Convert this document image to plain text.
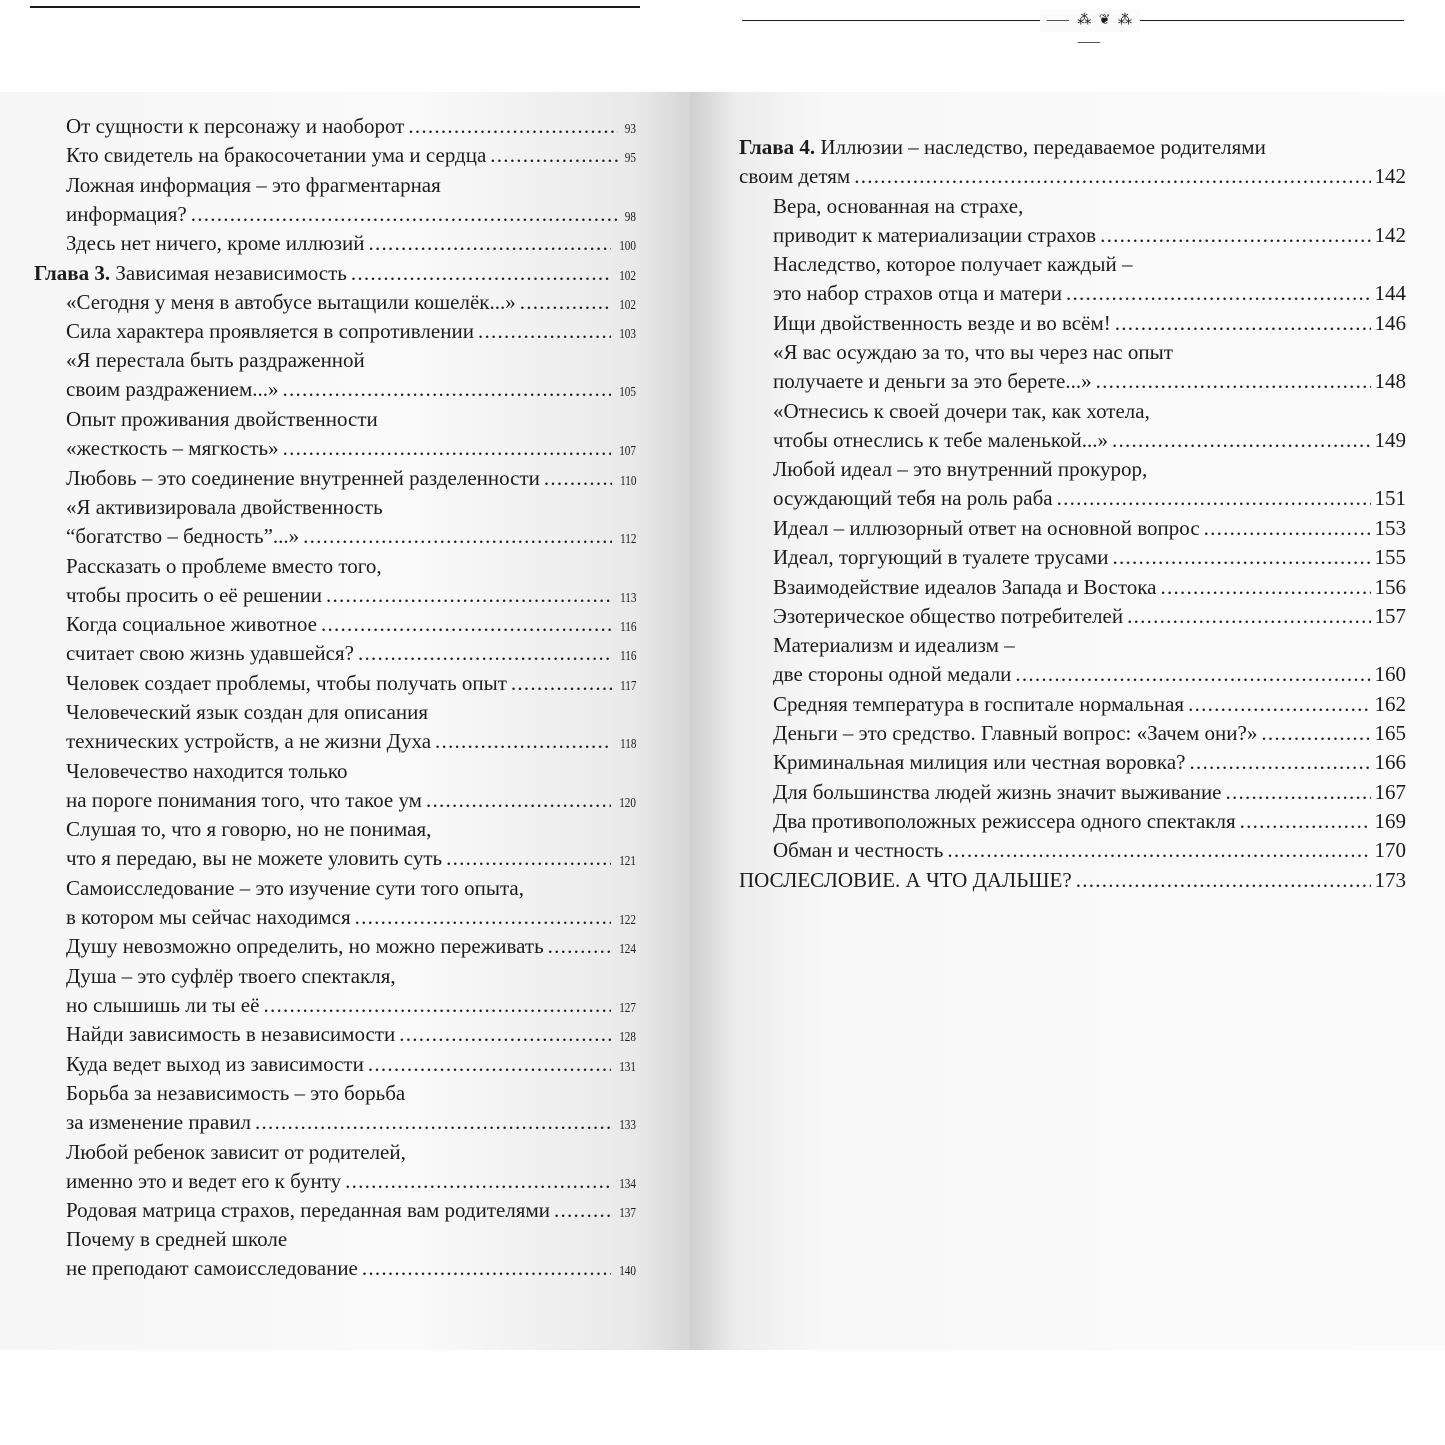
⸺ ⁂ ❦ ⁂ ⸺
От сущности к персонажу и наоборот . . .	93
Кто свидетель на бракосочетании ума и сердца . . .	95
Ложная информация – это фрагментарная
информация? . . .	98
Здесь нет ничего, кроме иллюзий . . .	100
Глава 3.
Зависимая независимость . . .	102
«Сегодня у меня в автобусе вытащили кошелёк...» . . .	102
Сила характера проявляется в сопротивлении . . .	103
«Я перестала быть раздраженной
своим раздражением...» . . .	105
Опыт проживания двойственности
«жесткость – мягкость» . . .	107
Любовь – это соединение внутренней разделенности . . .	110
«Я активизировала двойственность
“богатство – бедность”...» . . .	112
Рассказать о проблеме вместо того,
чтобы просить о её решении . . .	113
Когда социальное животное . . .	116
считает свою жизнь удавшейся? . . .	116
Человек создает проблемы, чтобы получать опыт . . .	117
Человеческий язык создан для описания
технических устройств, а не жизни Духа . . .	118
Человечество находится только
на пороге понимания того, что такое ум . . .	120
Слушая то, что я говорю, но не понимая,
что я передаю, вы не можете уловить суть . . .	121
Самоисследование – это изучение сути того опыта,
в котором мы сейчас находимся . . .	122
Душу невозможно определить, но можно переживать . . .	124
Душа – это суфлёр твоего спектакля,
но слышишь ли ты её . . .	127
Найди зависимость в независимости . . .	128
Куда ведет выход из зависимости . . .	131
Борьба за независимость – это борьба
за изменение правил . . .	133
Любой ребенок зависит от родителей,
именно это и ведет его к бунту . . .	134
Родовая матрица страхов, переданная вам родителями . . .	137
Почему в средней школе
не преподают самоисследование . . .	140
Глава 4.
Иллюзии – наследство, передаваемое родителями
своим детям . . .	142
Вера, основанная на страхе,
приводит к материализации страхов . . .	142
Наследство, которое получает каждый –
это набор страхов отца и матери . . .	144
Ищи двойственность везде и во всём! . . .	146
«Я вас осуждаю за то, что вы через нас опыт
получаете и деньги за это берете...» . . .	148
«Отнесись к своей дочери так, как хотела,
чтобы отнеслись к тебе маленькой...» . . .	149
Любой идеал – это внутренний прокурор,
осуждающий тебя на роль раба . . .	151
Идеал – иллюзорный ответ на основной вопрос . . .	153
Идеал, торгующий в туалете трусами . . .	155
Взаимодействие идеалов Запада и Востока . . .	156
Эзотерическое общество потребителей . . .	157
Материализм и идеализм –
две стороны одной медали . . .	160
Средняя температура в госпитале нормальная . . .	162
Деньги – это средство. Главный вопрос: «Зачем они?» . . .	165
Криминальная милиция или честная воровка? . . .	166
Для большинства людей жизнь значит выживание . . .	167
Два противоположных режиссера одного спектакля . . .	169
Обман и честность . . .	170
ПОСЛЕСЛОВИЕ. А ЧТО ДАЛЬШЕ? . . .	173
